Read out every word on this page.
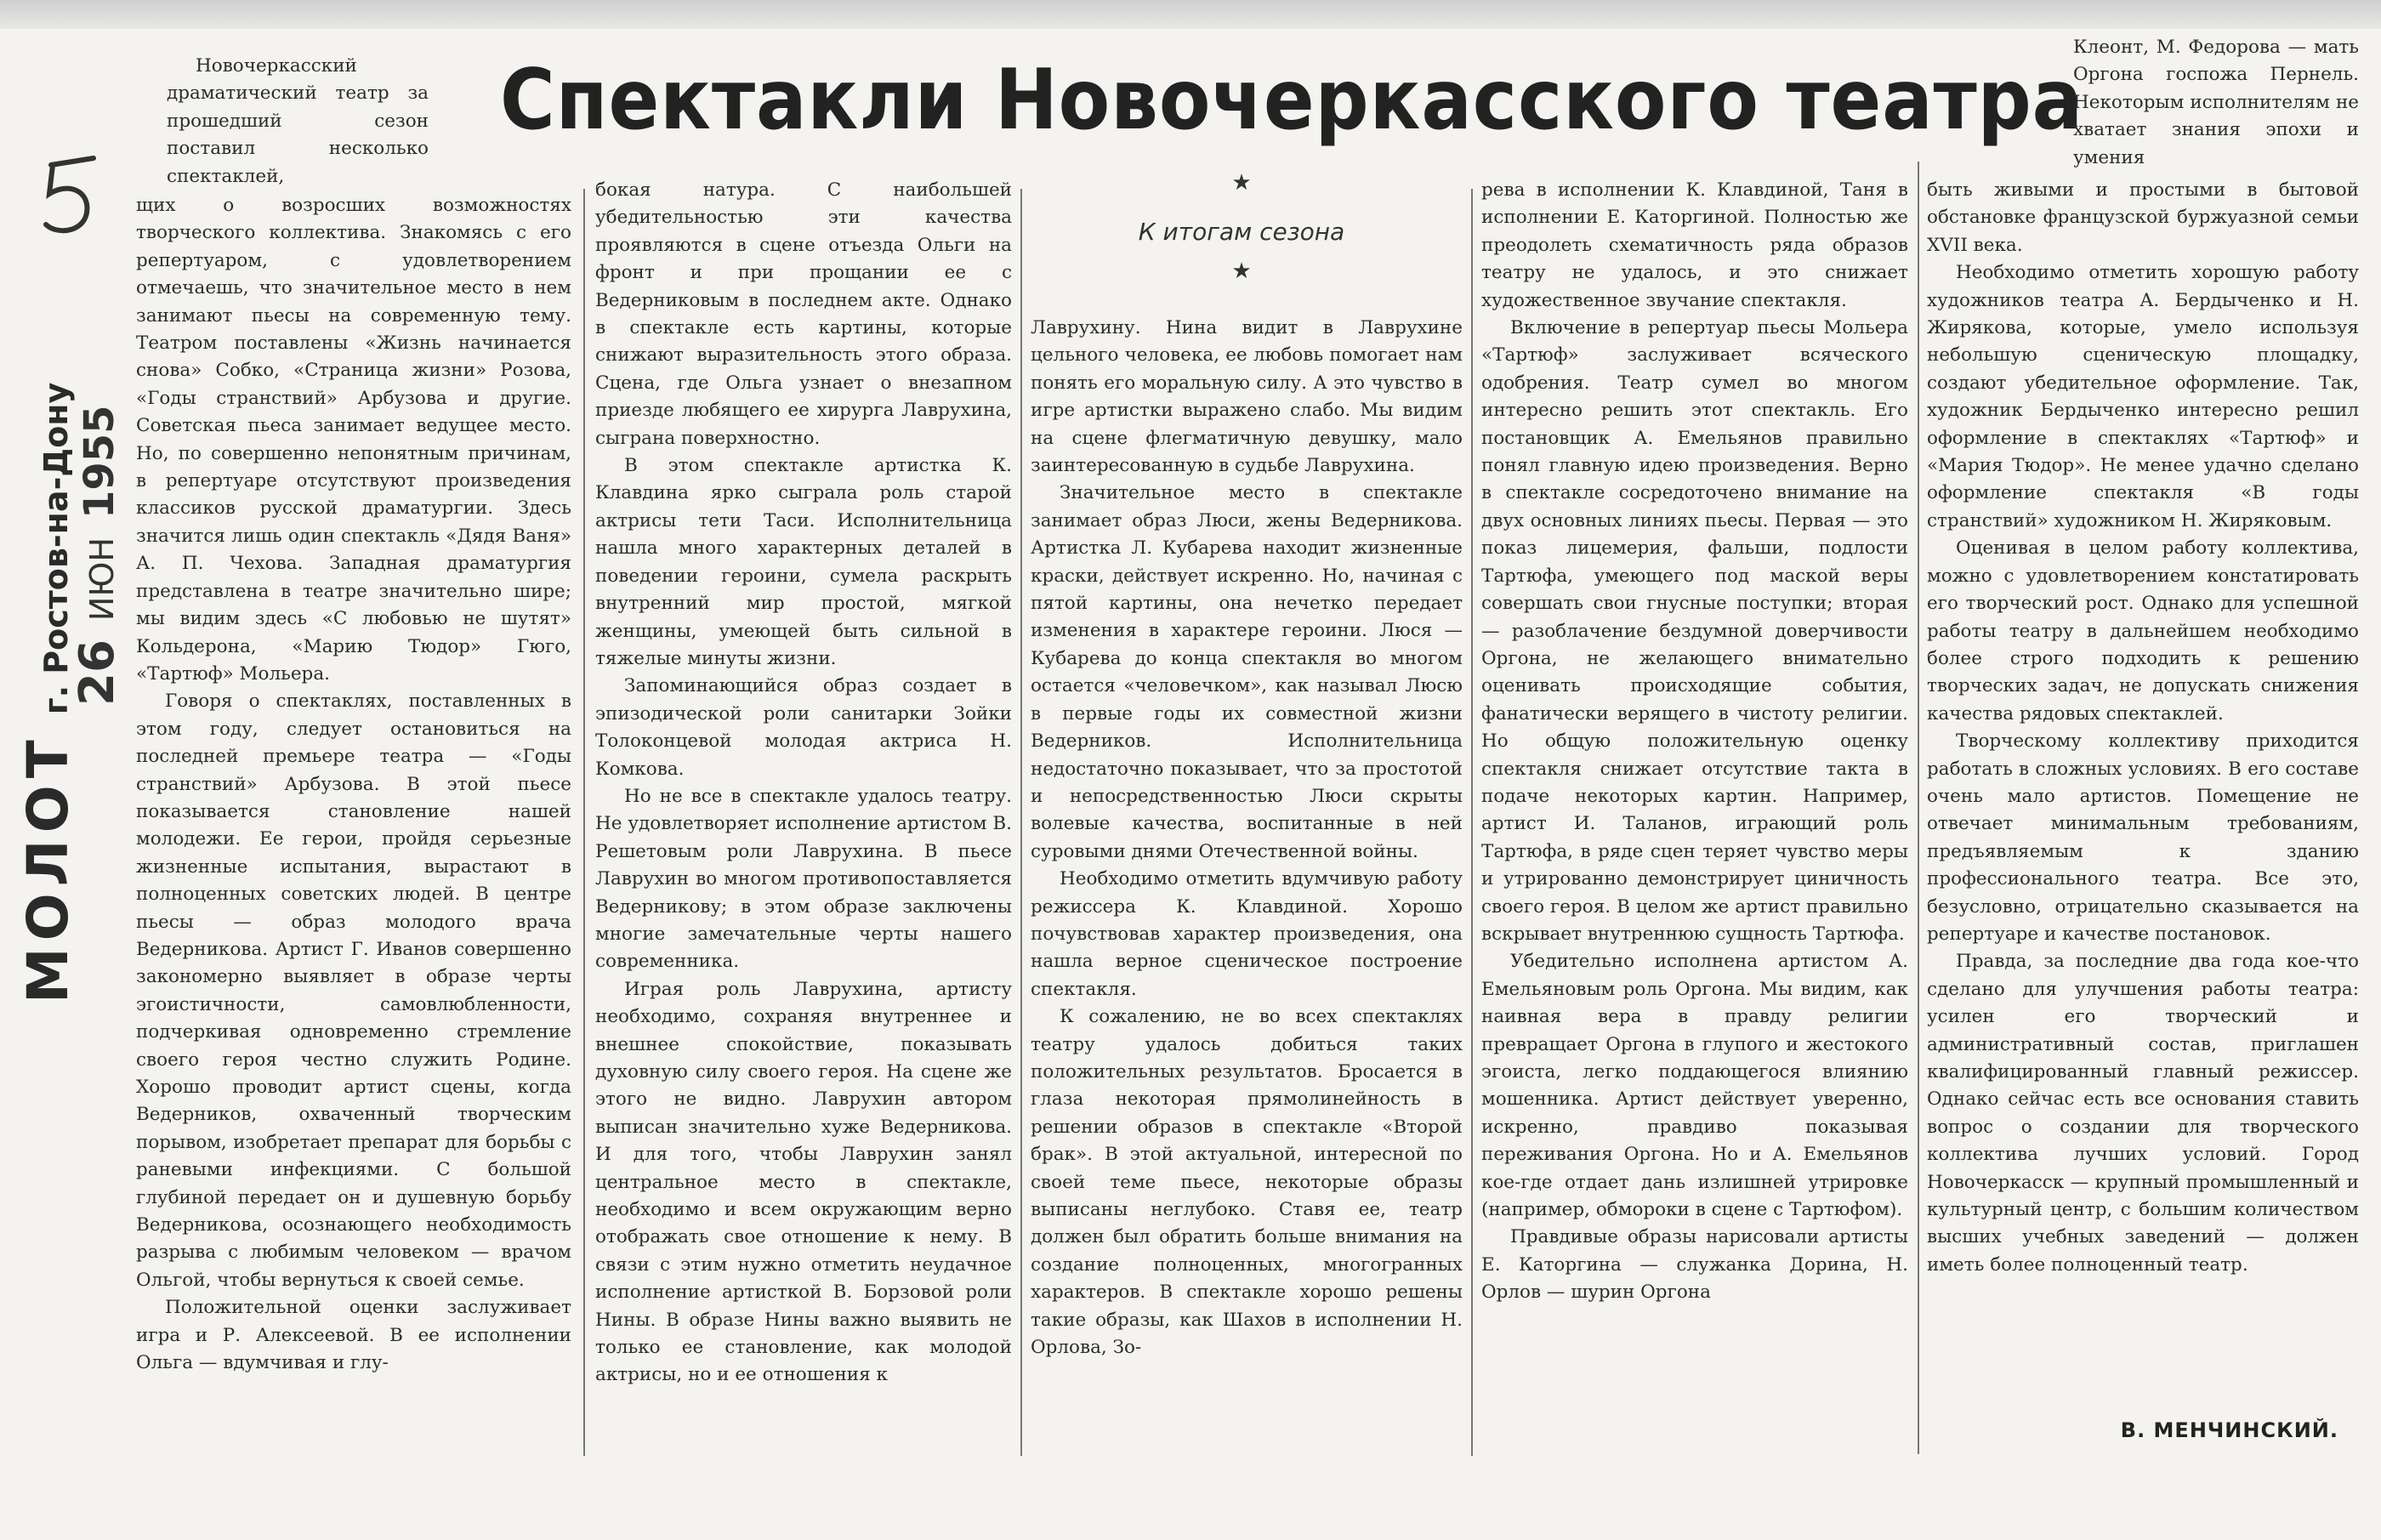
МОЛОТ
г. Ростов-на-Дону
26
ИЮН
1955
Спектакли Новочеркасского театра
★
К итогам сезона
★

Новочеркасский драматический театр за прошедший сезон поставил несколько спектаклей,

щих о возросших возможностях творческого коллектива. Знакомясь с его репертуаром, с удовлетворением отмечаешь, что значительное место в нем занимают пьесы на современную тему. Театром поставлены «Жизнь начинается снова» Собко, «Страница жизни» Розова, «Годы странствий» Арбузова и другие. Советская пьеса занимает ведущее место. Но, по совершенно непонятным причинам, в репертуаре отсутствуют произведения классиков русской драматургии. Здесь значится лишь один спектакль «Дядя Ваня» А. П. Чехова. Западная драматургия представлена в театре значительно шире; мы видим здесь «С любовью не шутят» Кольдерона, «Марию Тюдор» Гюго, «Тартюф» Мольера.

Говоря о спектаклях, поставленных в этом году, следует остановиться на последней премьере театра — «Годы странствий» Арбузова. В этой пьесе показывается становление нашей молодежи. Ее герои, пройдя серьезные жизненные испытания, вырастают в полноценных советских людей. В центре пьесы — образ молодого врача Ведерникова. Артист Г. Иванов совершенно закономерно выявляет в образе черты эгоистичности, самовлюбленности, подчеркивая одновременно стремление своего героя честно служить Родине. Хорошо проводит артист сцены, когда Ведерников, охваченный творческим порывом, изобретает препарат для борьбы с раневыми инфекциями. С большой глубиной передает он и душевную борьбу Ведерникова, осознающего необходимость разрыва с любимым человеком — врачом Ольгой, чтобы вернуться к своей семье.

Положительной оценки заслуживает игра и Р. Алексеевой. В ее исполнении Ольга — вдумчивая и глу-

бокая натура. С наибольшей убедительностью эти качества проявляются в сцене отъезда Ольги на фронт и при прощании ее с Ведерниковым в последнем акте. Однако в спектакле есть картины, которые снижают выразительность этого образа. Сцена, где Ольга узнает о внезапном приезде любящего ее хирурга Лаврухина, сыграна поверхностно.

В этом спектакле артистка К. Клавдина ярко сыграла роль старой актрисы тети Таси. Исполнительница нашла много характерных деталей в поведении героини, сумела раскрыть внутренний мир простой, мягкой женщины, умеющей быть сильной в тяжелые минуты жизни.

Запоминающийся образ создает в эпизодической роли санитарки Зойки Толоконцевой молодая актриса Н. Комкова.

Но не все в спектакле удалось театру. Не удовлетворяет исполнение артистом В. Решетовым роли Лаврухина. В пьесе Лаврухин во многом противопоставляется Ведерникову; в этом образе заключены многие замечательные черты нашего современника.

Играя роль Лаврухина, артисту необходимо, сохраняя внутреннее и внешнее спокойствие, показывать духовную силу своего героя. На сцене же этого не видно. Лаврухин автором выписан значительно хуже Ведерникова. И для того, чтобы Лаврухин занял центральное место в спектакле, необходимо и всем окружающим верно отображать свое отношение к нему. В связи с этим нужно отметить неудачное исполнение артисткой В. Борзовой роли Нины. В образе Нины важно выявить не только ее становление, как молодой актрисы, но и ее отношения к

Лаврухину. Нина видит в Лаврухине цельного человека, ее любовь помогает нам понять его моральную силу. А это чувство в игре артистки выражено слабо. Мы видим на сцене флегматичную девушку, мало заинтересованную в судьбе Лаврухина.

Значительное место в спектакле занимает образ Люси, жены Ведерникова. Артистка Л. Кубарева находит жизненные краски, действует искренно. Но, начиная с пятой картины, она нечетко передает изменения в характере героини. Люся — Кубарева до конца спектакля во многом остается «человечком», как называл Люсю в первые годы их совместной жизни Ведерников. Исполнительница недостаточно показывает, что за простотой и непосредственностью Люси скрыты волевые качества, воспитанные в ней суровыми днями Отечественной войны.

Необходимо отметить вдумчивую работу режиссера К. Клавдиной. Хорошо почувствовав характер произведения, она нашла верное сценическое построение спектакля.

К сожалению, не во всех спектаклях театру удалось добиться таких положительных результатов. Бросается в глаза некоторая прямолинейность в решении образов в спектакле «Второй брак». В этой актуальной, интересной по своей теме пьесе, некоторые образы выписаны неглубоко. Ставя ее, театр должен был обратить больше внимания на создание полноценных, многогранных характеров. В спектакле хорошо решены такие образы, как Шахов в исполнении Н. Орлова, Зо-

рева в исполнении К. Клавдиной, Таня в исполнении Е. Каторгиной. Полностью же преодолеть схематичность ряда образов театру не удалось, и это снижает художественное звучание спектакля.

Включение в репертуар пьесы Мольера «Тартюф» заслуживает всяческого одобрения. Театр сумел во многом интересно решить этот спектакль. Его постановщик А. Емельянов правильно понял главную идею произведения. Верно в спектакле сосредоточено внимание на двух основных линиях пьесы. Первая — это показ лицемерия, фальши, подлости Тартюфа, умеющего под маской веры совершать свои гнусные поступки; вторая — разоблачение бездумной доверчивости Оргона, не желающего внимательно оценивать происходящие события, фанатически верящего в чистоту религии. Но общую положительную оценку спектакля снижает отсутствие такта в подаче некоторых картин. Например, артист И. Таланов, играющий роль Тартюфа, в ряде сцен теряет чувство меры и утрированно демонстрирует циничность своего героя. В целом же артист правильно вскрывает внутреннюю сущность Тартюфа.

Убедительно исполнена артистом А. Емельяновым роль Оргона. Мы видим, как наивная вера в правду религии превращает Оргона в глупого и жестокого эгоиста, легко поддающегося влиянию мошенника. Артист действует уверенно, искренно, правдиво показывая переживания Оргона. Но и А. Емельянов кое-где отдает дань излишней утрировке (например, обмороки в сцене с Тартюфом).

Правдивые образы нарисовали артисты Е. Каторгина — служанка Дорина, Н. Орлов — шурин Оргона

Клеонт, М. Федорова — мать Оргона госпожа Пернель. Некоторым исполнителям не хватает знания эпохи и умения

быть живыми и простыми в бытовой обстановке французской буржуазной семьи XVII века.

Необходимо отметить хорошую работу художников театра А. Бердыченко и Н. Жирякова, которые, умело используя небольшую сценическую площадку, создают убедительное оформление. Так, художник Бердыченко интересно решил оформление в спектаклях «Тартюф» и «Мария Тюдор». Не менее удачно сделано оформление спектакля «В годы странствий» художником Н. Жиряковым.

Оценивая в целом работу коллектива, можно с удовлетворением констатировать его творческий рост. Однако для успешной работы театру в дальнейшем необходимо более строго подходить к решению творческих задач, не допускать снижения качества рядовых спектаклей.

Творческому коллективу приходится работать в сложных условиях. В его составе очень мало артистов. Помещение не отвечает минимальным требованиям, предъявляемым к зданию профессионального театра. Все это, безусловно, отрицательно сказывается на репертуаре и качестве постановок.

Правда, за последние два года кое-что сделано для улучшения работы театра: усилен его творческий и административный состав, приглашен квалифицированный главный режиссер. Однако сейчас есть все основания ставить вопрос о создании для творческого коллектива лучших условий. Город Новочеркасск — крупный промышленный и культурный центр, с большим количеством высших учебных заведений — должен иметь более полноценный театр.

В. МЕНЧИНСКИЙ.
